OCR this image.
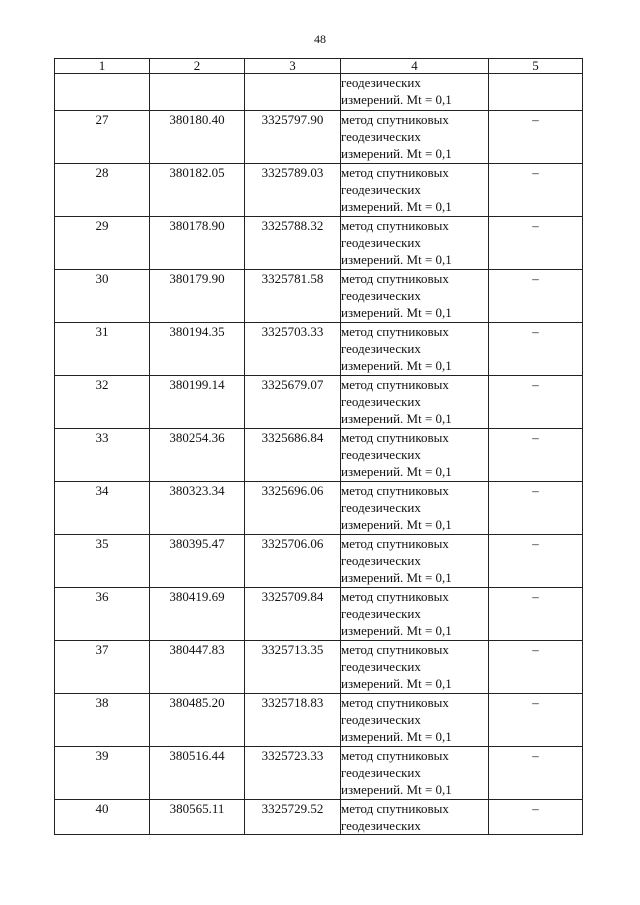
48
1	2	3	4	5
			геодезических
измерений. Mt = 0,1	
27	380180.40	3325797.90	метод спутниковых
геодезических
измерений. Mt = 0,1	–
28	380182.05	3325789.03	метод спутниковых
геодезических
измерений. Mt = 0,1	–
29	380178.90	3325788.32	метод спутниковых
геодезических
измерений. Mt = 0,1	–
30	380179.90	3325781.58	метод спутниковых
геодезических
измерений. Mt = 0,1	–
31	380194.35	3325703.33	метод спутниковых
геодезических
измерений. Mt = 0,1	–
32	380199.14	3325679.07	метод спутниковых
геодезических
измерений. Mt = 0,1	–
33	380254.36	3325686.84	метод спутниковых
геодезических
измерений. Mt = 0,1	–
34	380323.34	3325696.06	метод спутниковых
геодезических
измерений. Mt = 0,1	–
35	380395.47	3325706.06	метод спутниковых
геодезических
измерений. Mt = 0,1	–
36	380419.69	3325709.84	метод спутниковых
геодезических
измерений. Mt = 0,1	–
37	380447.83	3325713.35	метод спутниковых
геодезических
измерений. Mt = 0,1	–
38	380485.20	3325718.83	метод спутниковых
геодезических
измерений. Mt = 0,1	–
39	380516.44	3325723.33	метод спутниковых
геодезических
измерений. Mt = 0,1	–
40	380565.11	3325729.52	метод спутниковых
геодезических	–
